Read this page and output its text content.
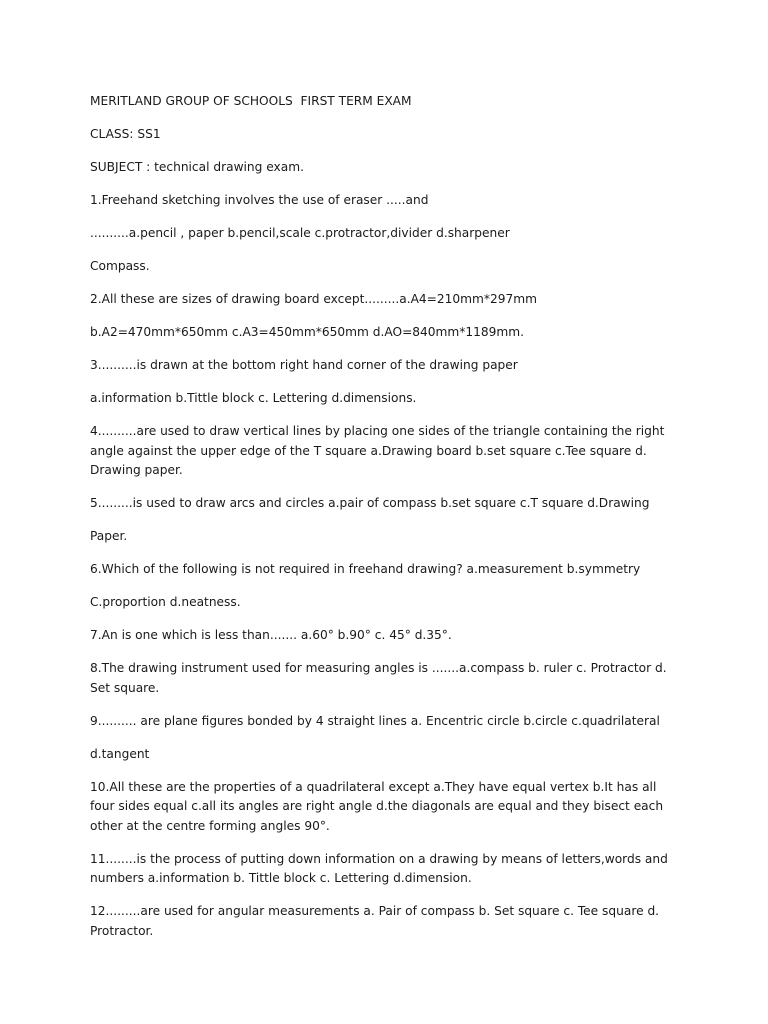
MERITLAND GROUP OF SCHOOLS  FIRST TERM EXAM

CLASS: SS1

SUBJECT : technical drawing exam.

1.Freehand sketching involves the use of eraser .....and

..........a.pencil , paper b.pencil,scale c.protractor,divider d.sharpener

Compass.

2.All these are sizes of drawing board except.........a.A4=210mm*297mm

b.A2=470mm*650mm c.A3=450mm*650mm d.AO=840mm*1189mm.

3..........is drawn at the bottom right hand corner of the drawing paper

a.information b.Tittle block c. Lettering d.dimensions.

4..........are used to draw vertical lines by placing one sides of the triangle containing the right angle against the upper edge of the T square a.Drawing board b.set square c.Tee square d. Drawing paper.

5.........is used to draw arcs and circles a.pair of compass b.set square c.T square d.Drawing

Paper.

6.Which of the following is not required in freehand drawing? a.measurement b.symmetry

C.proportion d.neatness.

7.An is one which is less than....... a.60° b.90° c. 45° d.35°.

8.The drawing instrument used for measuring angles is .......a.compass b. ruler c. Protractor d. Set square.

9.......... are plane figures bonded by 4 straight lines a. Encentric circle b.circle c.quadrilateral

d.tangent

10.All these are the properties of a quadrilateral except a.They have equal vertex b.It has all four sides equal c.all its angles are right angle d.the diagonals are equal and they bisect each other at the centre forming angles 90°.

11........is the process of putting down information on a drawing by means of letters,words and numbers a.information b. Tittle block c. Lettering d.dimension.

12.........are used for angular measurements a. Pair of compass b. Set square c. Tee square d. Protractor.
